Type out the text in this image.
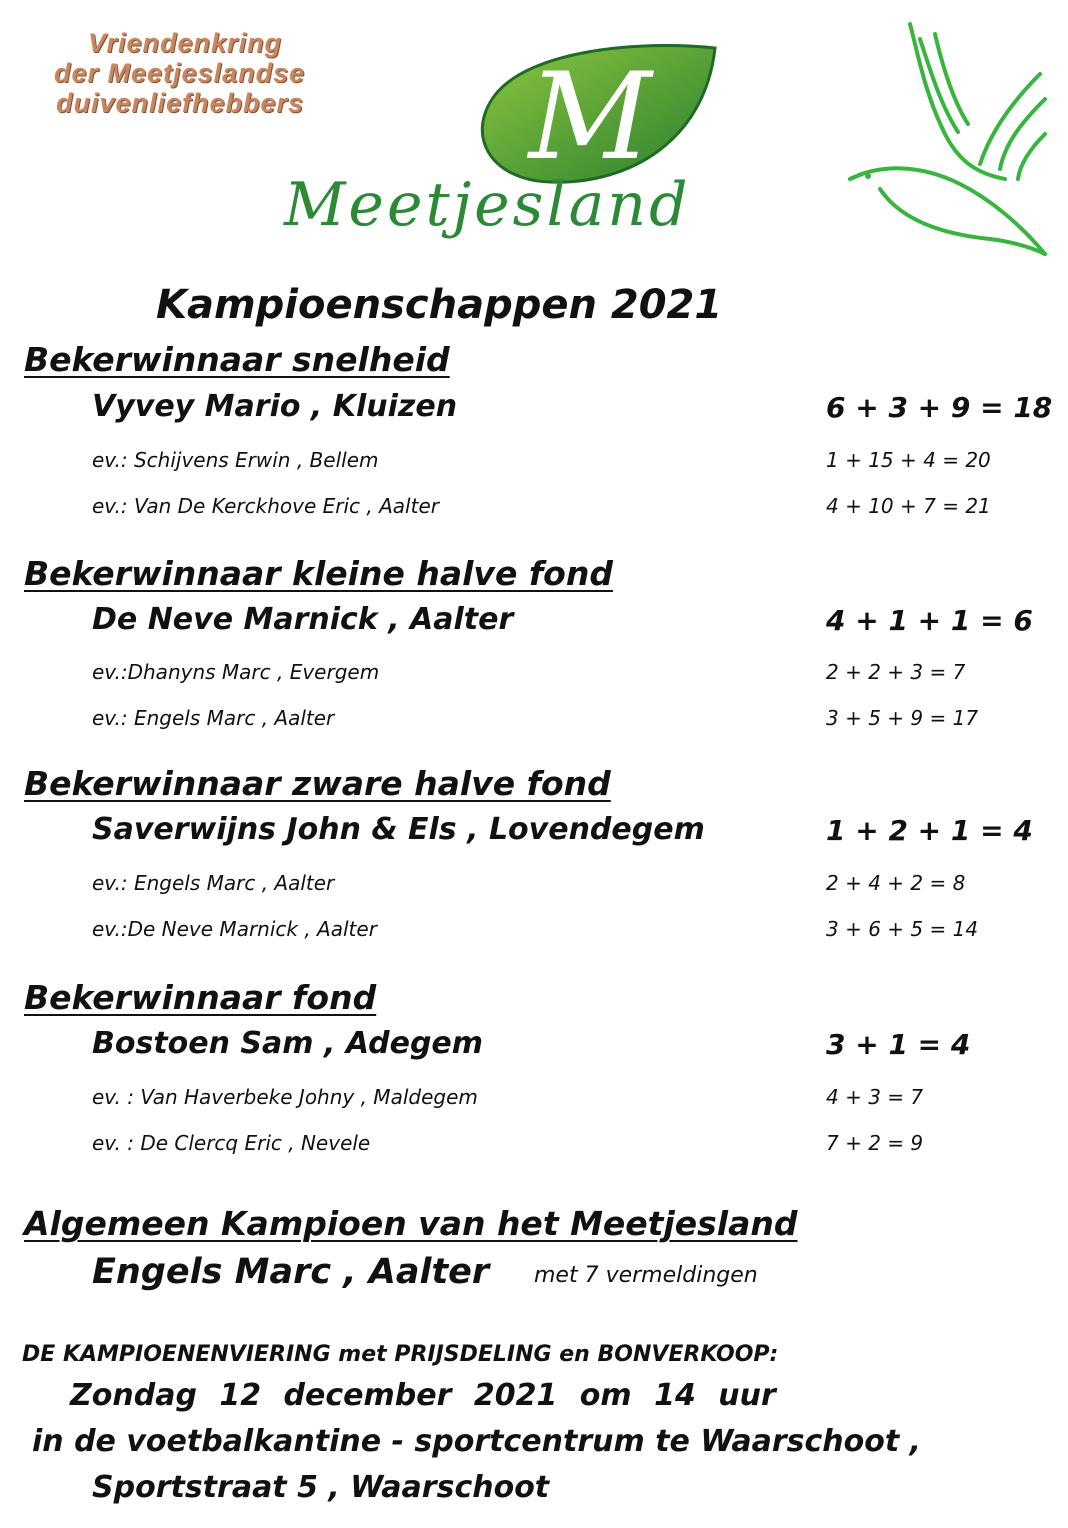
Vriendenkring
der Meetjeslandse
duivenliefhebbers	M
Meetjesland
Kampioenschappen 2021
Bekerwinnaar snelheid
Vyvey Mario , Kluizen	6 + 3 + 9 = 18
ev.: Schijvens Erwin , Bellem	1 + 15 + 4 = 20
ev.: Van De Kerckhove Eric , Aalter	4 + 10 + 7 = 21
Bekerwinnaar kleine halve fond
De Neve Marnick , Aalter	4 + 1 + 1 = 6
ev.:Dhanyns Marc , Evergem	2 + 2 + 3 = 7
ev.: Engels Marc , Aalter	3 + 5 + 9 = 17
Bekerwinnaar zware halve fond
Saverwijns John & Els , Lovendegem	1 + 2 + 1 = 4
ev.: Engels Marc , Aalter	2 + 4 + 2 = 8
ev.:De Neve Marnick , Aalter	3 + 6 + 5 = 14
Bekerwinnaar fond
Bostoen Sam , Adegem	3 + 1 = 4
ev. : Van Haverbeke Johny , Maldegem	4 + 3 = 7
ev. : De Clercq Eric , Nevele	7 + 2 = 9
Algemeen Kampioen van het Meetjesland
Engels Marc , Aalter met 7 vermeldingen
DE KAMPIOENENVIERING met PRIJSDELING en BONVERKOOP:
Zondag 12 december 2021 om 14 uur
in de voetbalkantine - sportcentrum te Waarschoot ,
Sportstraat 5 , Waarschoot
